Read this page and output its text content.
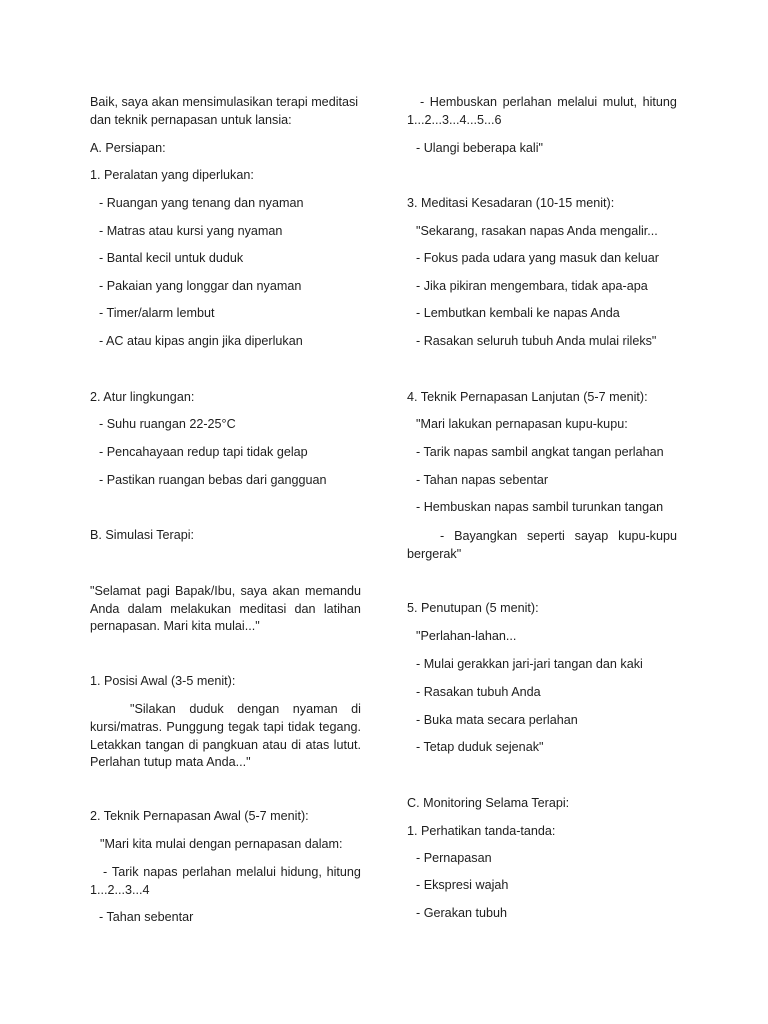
Baik, saya akan mensimulasikan terapi meditasi
dan teknik pernapasan untuk lansia:
A. Persiapan:
1. Peralatan yang diperlukan:
- Ruangan yang tenang dan nyaman
- Matras atau kursi yang nyaman
- Bantal kecil untuk duduk
- Pakaian yang longgar dan nyaman
- Timer/alarm lembut
- AC atau kipas angin jika diperlukan
2. Atur lingkungan:
- Suhu ruangan 22-25°C
- Pencahayaan redup tapi tidak gelap
- Pastikan ruangan bebas dari gangguan
B. Simulasi Terapi:
"Selamat pagi Bapak/Ibu, saya akan memandu
Anda dalam melakukan meditasi dan latihan
pernapasan. Mari kita mulai..."
1. Posisi Awal (3-5 menit):
"Silakan duduk dengan nyaman di
kursi/matras. Punggung tegak tapi tidak tegang.
Letakkan tangan di pangkuan atau di atas lutut.
Perlahan tutup mata Anda..."
2. Teknik Pernapasan Awal (5-7 menit):
"Mari kita mulai dengan pernapasan dalam:
- Tarik napas perlahan melalui hidung, hitung
1...2...3...4
- Tahan sebentar
- Hembuskan perlahan melalui mulut, hitung
1...2...3...4...5...6
- Ulangi beberapa kali"
3. Meditasi Kesadaran (10-15 menit):
"Sekarang, rasakan napas Anda mengalir...
- Fokus pada udara yang masuk dan keluar
- Jika pikiran mengembara, tidak apa-apa
- Lembutkan kembali ke napas Anda
- Rasakan seluruh tubuh Anda mulai rileks"
4. Teknik Pernapasan Lanjutan (5-7 menit):
"Mari lakukan pernapasan kupu-kupu:
- Tarik napas sambil angkat tangan perlahan
- Tahan napas sebentar
- Hembuskan napas sambil turunkan tangan
- Bayangkan seperti sayap kupu-kupu
bergerak"
5. Penutupan (5 menit):
"Perlahan-lahan...
- Mulai gerakkan jari-jari tangan dan kaki
- Rasakan tubuh Anda
- Buka mata secara perlahan
- Tetap duduk sejenak"
C. Monitoring Selama Terapi:
1. Perhatikan tanda-tanda:
- Pernapasan
- Ekspresi wajah
- Gerakan tubuh
